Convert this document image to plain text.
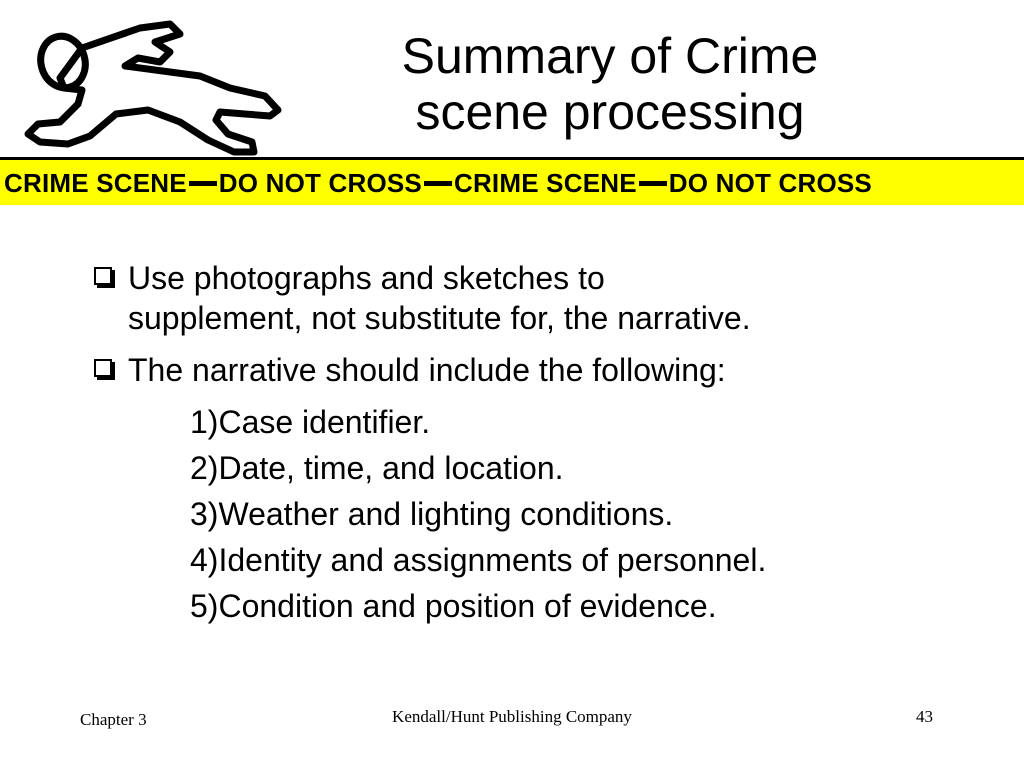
Summary of Crime
scene processing
CRIME SCENE DO NOT CROSS CRIME SCENE DO NOT CROSS
Use photographs and sketches to
supplement, not substitute for, the narrative.
The narrative should include the following:
1)Case identifier.
2)Date, time, and location.
3)Weather and lighting conditions.
4)Identity and assignments of personnel.
5)Condition and position of evidence.
Chapter 3	Kendall/Hunt Publishing Company	43
